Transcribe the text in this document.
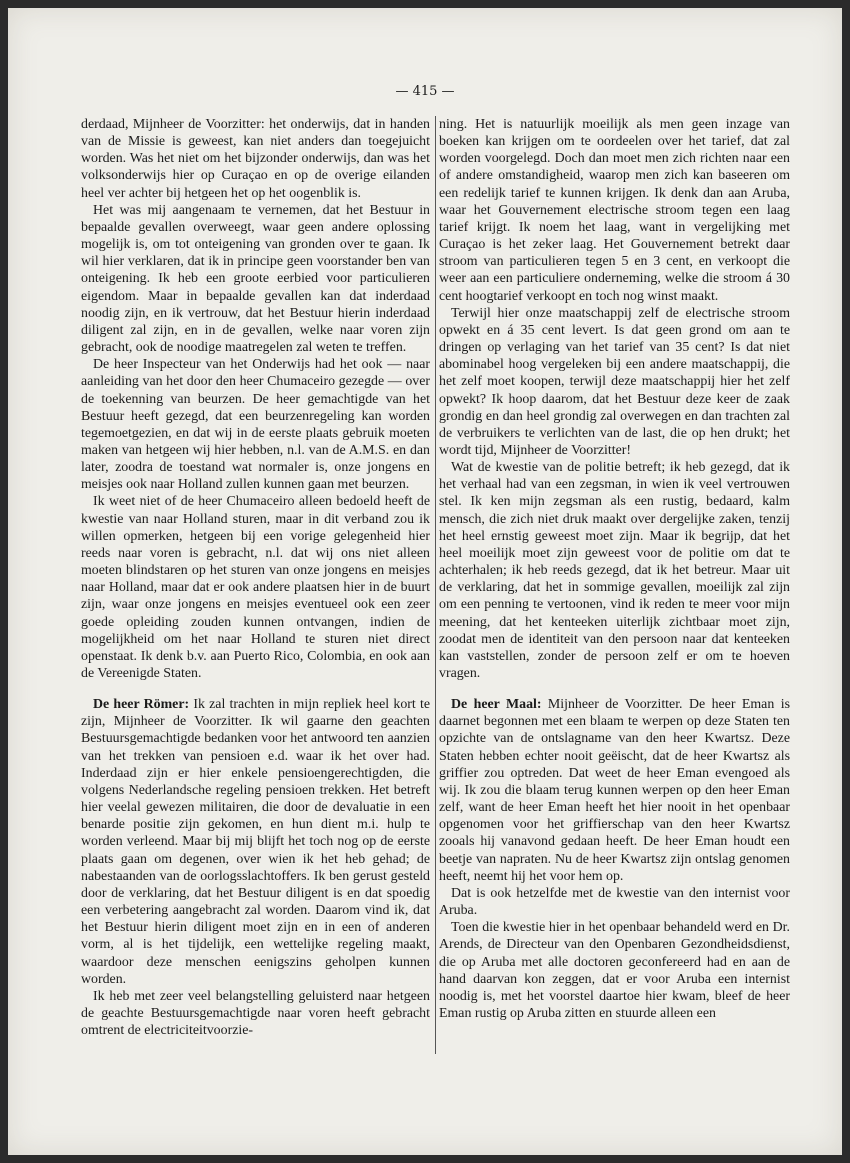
— 415 —

derdaad, Mijnheer de Voorzitter: het onderwijs, dat in handen van de Missie is geweest, kan niet anders dan toegejuicht worden. Was het niet om het bijzonder onderwijs, dan was het volksonderwijs hier op Curaçao en op de overige eilanden heel ver achter bij hetgeen het op het oogenblik is.

Het was mij aangenaam te vernemen, dat het Bestuur in bepaalde gevallen overweegt, waar geen andere oplossing mogelijk is, om tot onteigening van gronden over te gaan. Ik wil hier verklaren, dat ik in principe geen voorstander ben van onteigening. Ik heb een groote eerbied voor particulieren eigendom. Maar in bepaalde gevallen kan dat inderdaad noodig zijn, en ik vertrouw, dat het Bestuur hierin inderdaad diligent zal zijn, en in de gevallen, welke naar voren zijn gebracht, ook de noodige maatregelen zal weten te treffen.

De heer Inspecteur van het Onderwijs had het ook — naar aanleiding van het door den heer Chumaceiro gezegde — over de toekenning van beurzen. De heer gemachtigde van het Bestuur heeft gezegd, dat een beurzenregeling kan worden tegemoetgezien, en dat wij in de eerste plaats gebruik moeten maken van hetgeen wij hier hebben, n.l. van de A.M.S. en dan later, zoodra de toestand wat normaler is, onze jongens en meisjes ook naar Holland zullen kunnen gaan met beurzen.

Ik weet niet of de heer Chumaceiro alleen bedoeld heeft de kwestie van naar Holland sturen, maar in dit verband zou ik willen opmerken, hetgeen bij een vorige gelegenheid hier reeds naar voren is gebracht, n.l. dat wij ons niet alleen moeten blindstaren op het sturen van onze jongens en meisjes naar Holland, maar dat er ook andere plaatsen hier in de buurt zijn, waar onze jongens en meisjes eventueel ook een zeer goede opleiding zouden kunnen ontvangen, indien de mogelijkheid om het naar Holland te sturen niet direct openstaat. Ik denk b.v. aan Puerto Rico, Colombia, en ook aan de Vereenigde Staten.

De heer Römer: Ik zal trachten in mijn repliek heel kort te zijn, Mijnheer de Voorzitter. Ik wil gaarne den geachten Bestuursgemachtigde bedanken voor het antwoord ten aanzien van het trekken van pensioen e.d. waar ik het over had. Inderdaad zijn er hier enkele pensioengerechtigden, die volgens Nederlandsche regeling pensioen trekken. Het betreft hier veelal gewezen militairen, die door de devaluatie in een benarde positie zijn gekomen, en hun dient m.i. hulp te worden verleend. Maar bij mij blijft het toch nog op de eerste plaats gaan om degenen, over wien ik het heb gehad; de nabestaanden van de oorlogsslachtoffers. Ik ben gerust gesteld door de verklaring, dat het Bestuur diligent is en dat spoedig een verbetering aangebracht zal worden. Daarom vind ik, dat het Bestuur hierin diligent moet zijn en in een of anderen vorm, al is het tijdelijk, een wettelijke regeling maakt, waardoor deze menschen eenigszins geholpen kunnen worden.

Ik heb met zeer veel belangstelling geluisterd naar hetgeen de geachte Bestuursgemachtigde naar voren heeft gebracht omtrent de electriciteitvoorzie-

ning. Het is natuurlijk moeilijk als men geen inzage van boeken kan krijgen om te oordeelen over het tarief, dat zal worden voorgelegd. Doch dan moet men zich richten naar een of andere omstandigheid, waarop men zich kan baseeren om een redelijk tarief te kunnen krijgen. Ik denk dan aan Aruba, waar het Gouvernement electrische stroom tegen een laag tarief krijgt. Ik noem het laag, want in vergelijking met Curaçao is het zeker laag. Het Gouvernement betrekt daar stroom van particulieren tegen 5 en 3 cent, en verkoopt die weer aan een particuliere onderneming, welke die stroom á 30 cent hoogtarief verkoopt en toch nog winst maakt.

Terwijl hier onze maatschappij zelf de electrische stroom opwekt en á 35 cent levert. Is dat geen grond om aan te dringen op verlaging van het tarief van 35 cent? Is dat niet abominabel hoog vergeleken bij een andere maatschappij, die het zelf moet koopen, terwijl deze maatschappij hier het zelf opwekt? Ik hoop daarom, dat het Bestuur deze keer de zaak grondig en dan heel grondig zal overwegen en dan trachten zal de verbruikers te verlichten van de last, die op hen drukt; het wordt tijd, Mijnheer de Voorzitter!

Wat de kwestie van de politie betreft; ik heb gezegd, dat ik het verhaal had van een zegsman, in wien ik veel vertrouwen stel. Ik ken mijn zegsman als een rustig, bedaard, kalm mensch, die zich niet druk maakt over dergelijke zaken, tenzij het heel ernstig geweest moet zijn. Maar ik begrijp, dat het heel moeilijk moet zijn geweest voor de politie om dat te achterhalen; ik heb reeds gezegd, dat ik het betreur. Maar uit de verklaring, dat het in sommige gevallen, moeilijk zal zijn om een penning te vertoonen, vind ik reden te meer voor mijn meening, dat het kenteeken uiterlijk zichtbaar moet zijn, zoodat men de identiteit van den persoon naar dat kenteeken kan vaststellen, zonder de persoon zelf er om te hoeven vragen.

De heer Maal: Mijnheer de Voorzitter. De heer Eman is daarnet begonnen met een blaam te werpen op deze Staten ten opzichte van de ontslagname van den heer Kwartsz. Deze Staten hebben echter nooit geëischt, dat de heer Kwartsz als griffier zou optreden. Dat weet de heer Eman evengoed als wij. Ik zou die blaam terug kunnen werpen op den heer Eman zelf, want de heer Eman heeft het hier nooit in het openbaar opgenomen voor het griffierschap van den heer Kwartsz zooals hij vanavond gedaan heeft. De heer Eman houdt een beetje van napraten. Nu de heer Kwartsz zijn ontslag genomen heeft, neemt hij het voor hem op.

Dat is ook hetzelfde met de kwestie van den internist voor Aruba.

Toen die kwestie hier in het openbaar behandeld werd en Dr. Arends, de Directeur van den Openbaren Gezondheidsdienst, die op Aruba met alle doctoren geconfereerd had en aan de hand daarvan kon zeggen, dat er voor Aruba een internist noodig is, met het voorstel daartoe hier kwam, bleef de heer Eman rustig op Aruba zitten en stuurde alleen een
